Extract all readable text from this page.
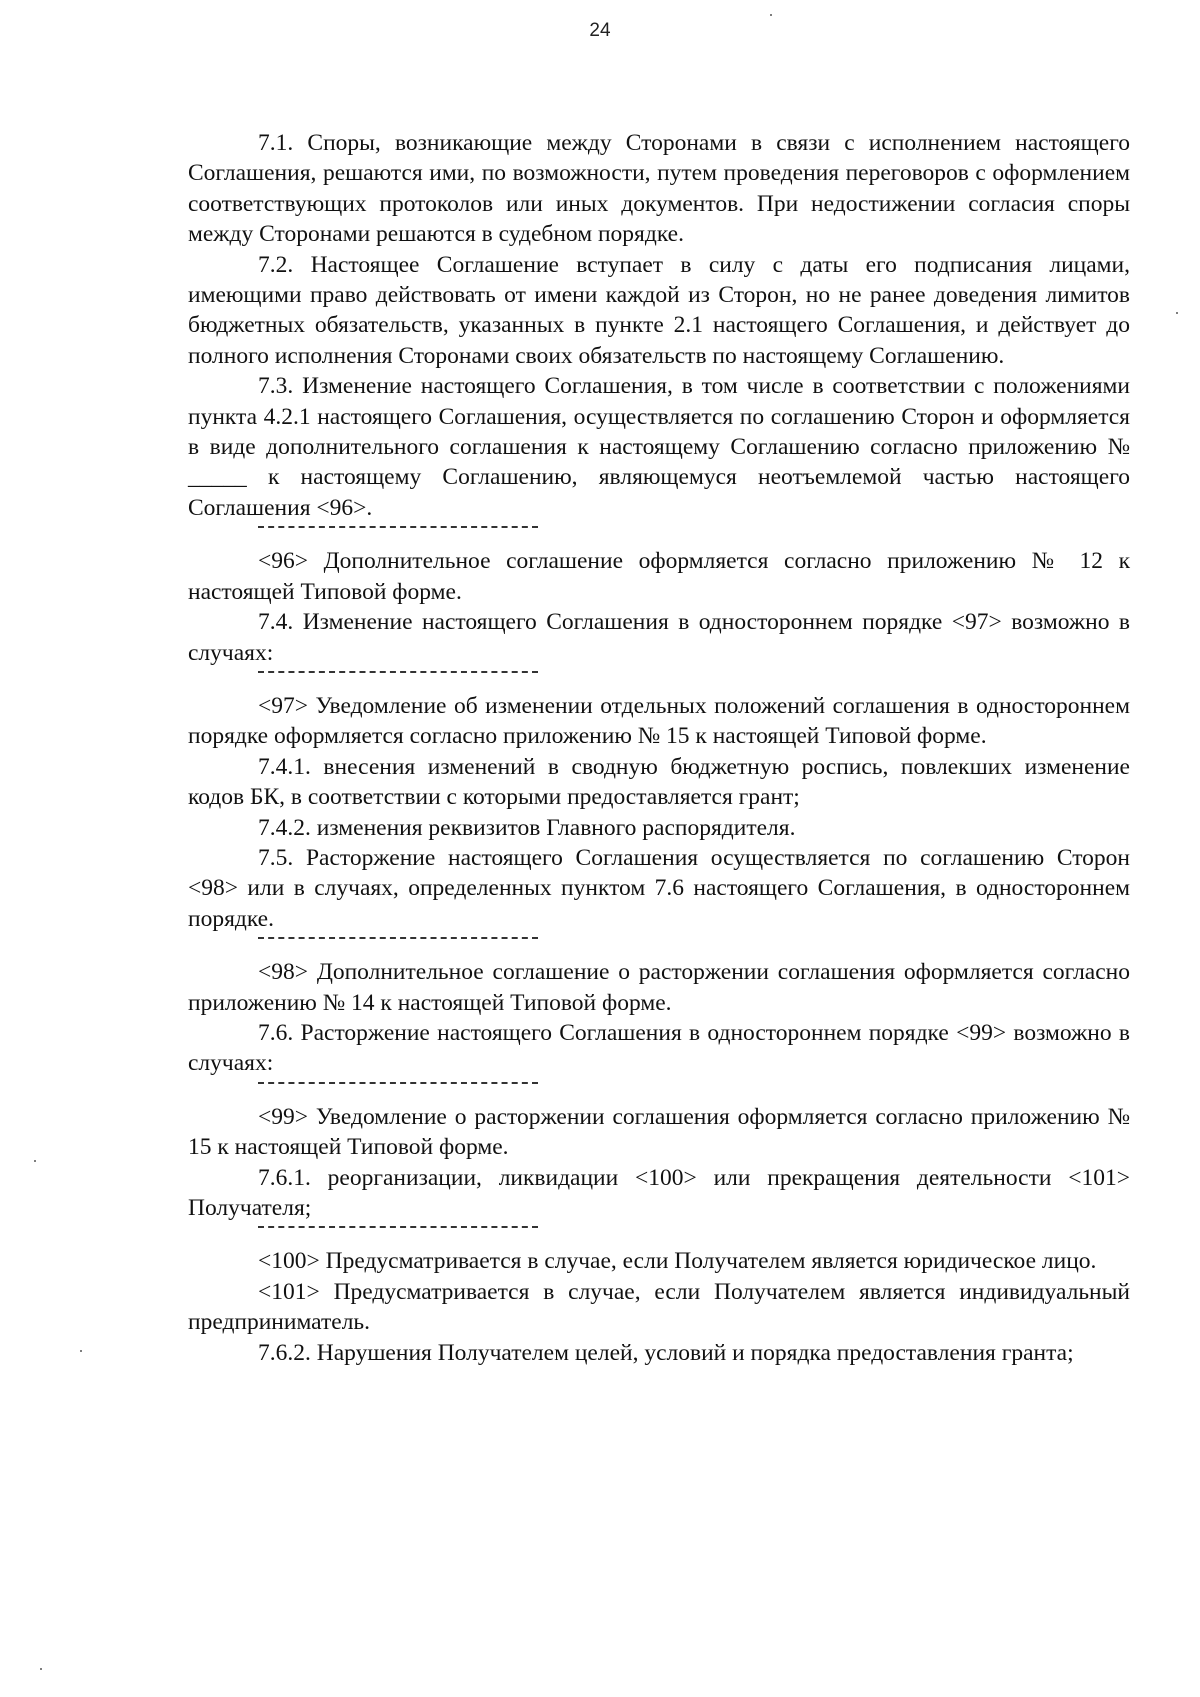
24

7.1. Споры, возникающие между Сторонами в связи с исполнением настоящего Соглашения, решаются ими, по возможности, путем проведения переговоров с оформлением соответствующих протоколов или иных документов. При недостижении согласия споры между Сторонами решаются в судебном порядке.

7.2. Настоящее Соглашение вступает в силу с даты его подписания лицами, имеющими право действовать от имени каждой из Сторон, но не ранее доведения лимитов бюджетных обязательств, указанных в пункте 2.1 настоящего Соглашения, и действует до полного исполнения Сторонами своих обязательств по настоящему Соглашению.

7.3. Изменение настоящего Соглашения, в том числе в соответствии с положениями пункта 4.2.1 настоящего Соглашения, осуществляется по соглашению Сторон и оформляется в виде дополнительного соглашения к настоящему Соглашению согласно приложению № _____ к настоящему Соглашению, являющемуся неотъемлемой частью настоящего Соглашения <96>.

<96> Дополнительное соглашение оформляется согласно приложению № 12 к настоящей Типовой форме.

7.4. Изменение настоящего Соглашения в одностороннем порядке <97> возможно в случаях:

<97> Уведомление об изменении отдельных положений соглашения в одностороннем порядке оформляется согласно приложению № 15 к настоящей Типовой форме.

7.4.1. внесения изменений в сводную бюджетную роспись, повлекших изменение кодов БК, в соответствии с которыми предоставляется грант;

7.4.2. изменения реквизитов Главного распорядителя.

7.5. Расторжение настоящего Соглашения осуществляется по соглашению Сторон <98> или в случаях, определенных пунктом 7.6 настоящего Соглашения, в одностороннем порядке.

<98> Дополнительное соглашение о расторжении соглашения оформляется согласно приложению № 14 к настоящей Типовой форме.

7.6. Расторжение настоящего Соглашения в одностороннем порядке <99> возможно в случаях:

<99> Уведомление о расторжении соглашения оформляется согласно приложению № 15 к настоящей Типовой форме.

7.6.1. реорганизации, ликвидации <100> или прекращения деятельности <101> Получателя;

<100> Предусматривается в случае, если Получателем является юридическое лицо.

<101> Предусматривается в случае, если Получателем является индивидуальный предприниматель.

7.6.2. Нарушения Получателем целей, условий и порядка предоставления гранта;
